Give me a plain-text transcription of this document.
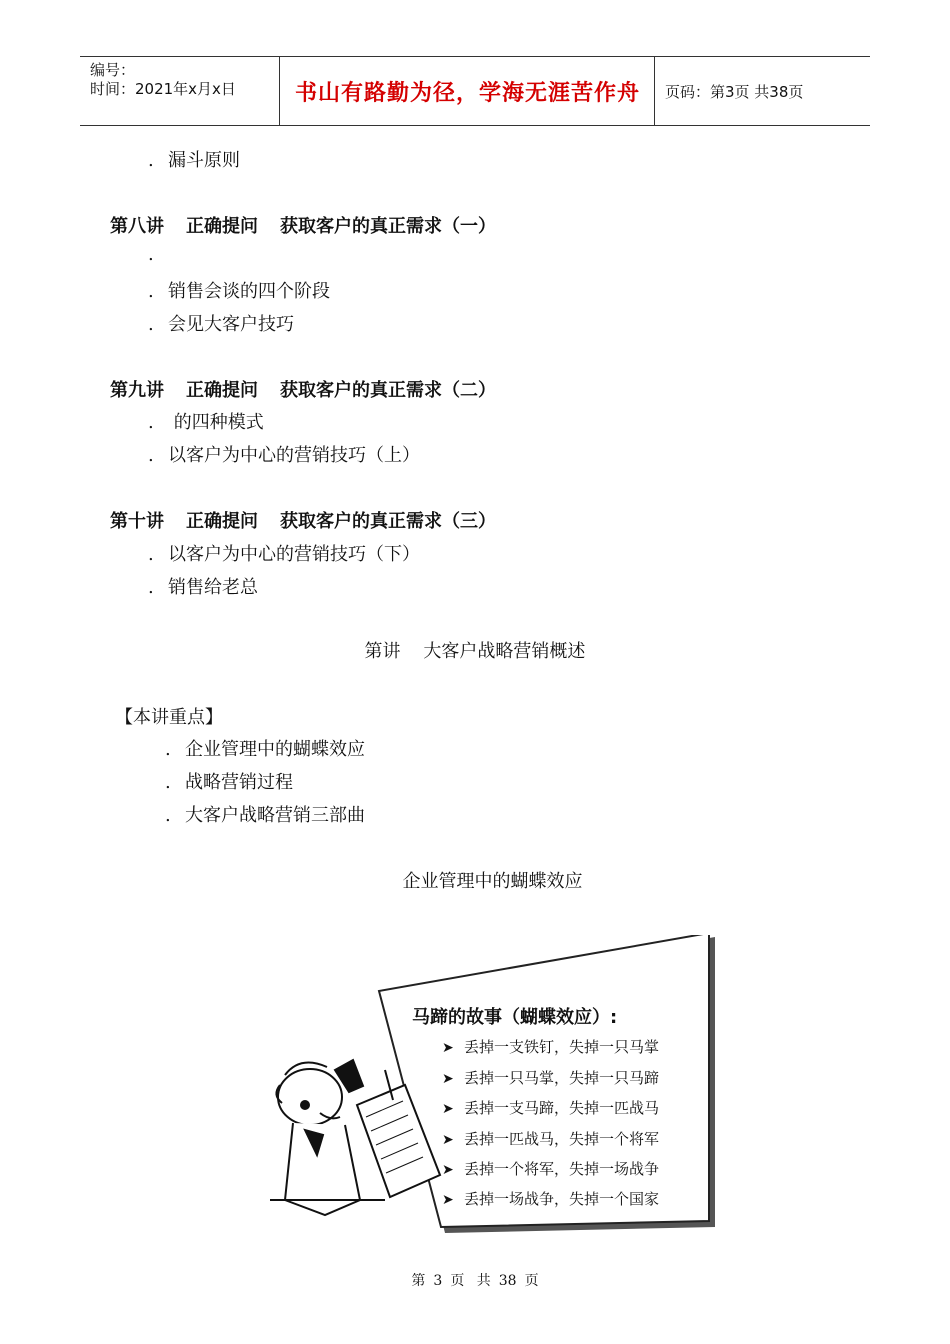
编号：
时间：2021年x月x日	书山有路勤为径，学海无涯苦作舟	页码：第3页 共38页
. 漏斗原则
第八讲 正确提问 获取客户的真正需求（一）
.
. 销售会谈的四个阶段
. 会见大客户技巧
第九讲 正确提问 获取客户的真正需求（二）
. 的四种模式
. 以客户为中心的营销技巧（上）
第十讲 正确提问 获取客户的真正需求（三）
. 以客户为中心的营销技巧（下）
. 销售给老总
第讲    大客户战略营销概述
【本讲重点】
. 企业管理中的蝴蝶效应
. 战略营销过程
. 大客户战略营销三部曲
企业管理中的蝴蝶效应
马蹄的故事（蝴蝶效应）:
➤ 丢掉一支铁钉，失掉一只马掌
➤ 丢掉一只马掌，失掉一只马蹄
➤ 丢掉一支马蹄，失掉一匹战马
➤ 丢掉一匹战马，失掉一个将军
➤ 丢掉一个将军，失掉一场战争
➤ 丢掉一场战争，失掉一个国家
第 3 页 共 38 页
